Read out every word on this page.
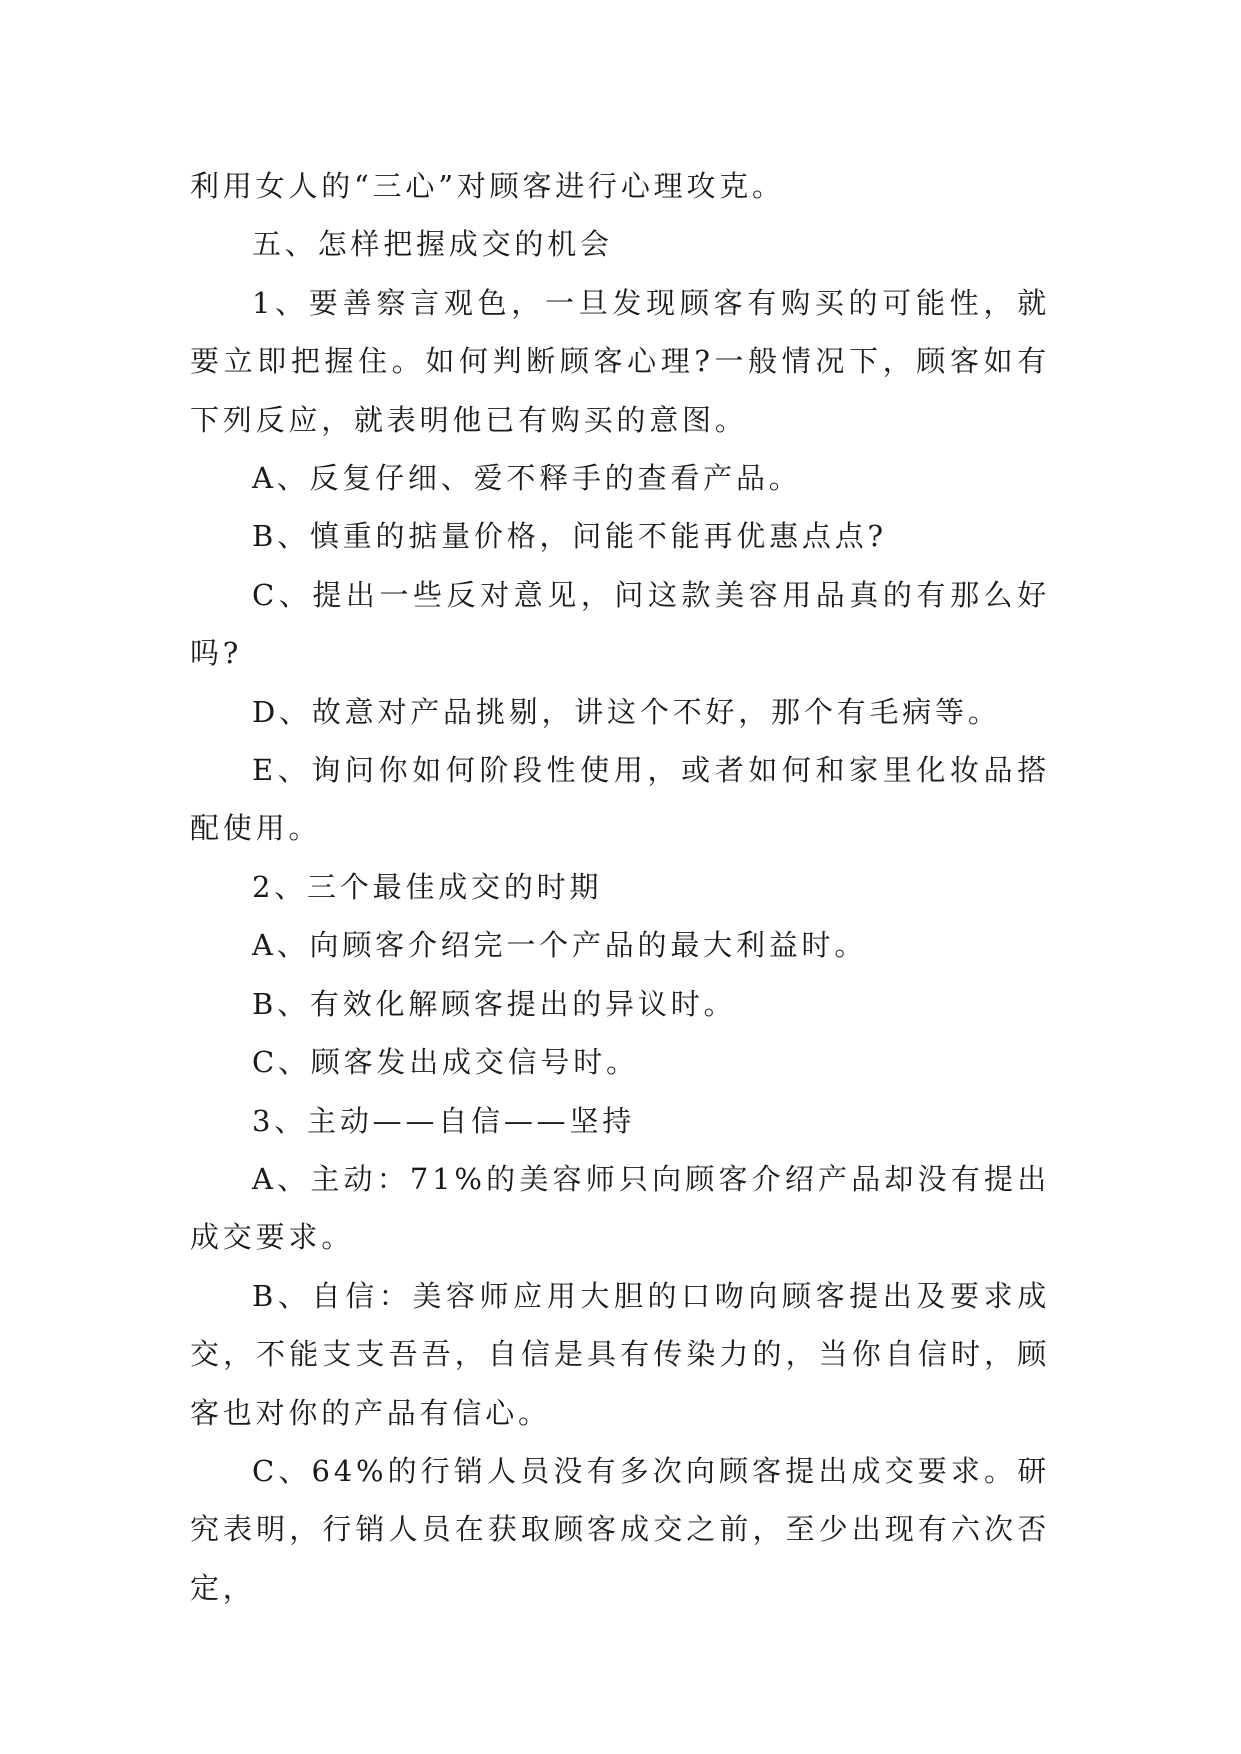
利用女人的“三心”对顾客进行心理攻克。

五、怎样把握成交的机会

1、要善察言观色，一旦发现顾客有购买的可能性，就要立即把握住。如何判断顾客心理?一般情况下，顾客如有下列反应，就表明他已有购买的意图。

A、反复仔细、爱不释手的查看产品。

B、慎重的掂量价格，问能不能再优惠点点?

C、提出一些反对意见，问这款美容用品真的有那么好吗?

D、故意对产品挑剔，讲这个不好，那个有毛病等。

E、询问你如何阶段性使用，或者如何和家里化妆品搭配使用。

2、三个最佳成交的时期

A、向顾客介绍完一个产品的最大利益时。

B、有效化解顾客提出的异议时。

C、顾客发出成交信号时。

3、主动——自信——坚持

A、主动：71%的美容师只向顾客介绍产品却没有提出成交要求。

B、自信：美容师应用大胆的口吻向顾客提出及要求成交，不能支支吾吾，自信是具有传染力的，当你自信时，顾客也对你的产品有信心。

C、64%的行销人员没有多次向顾客提出成交要求。研究表明，行销人员在获取顾客成交之前，至少出现有六次否定，
